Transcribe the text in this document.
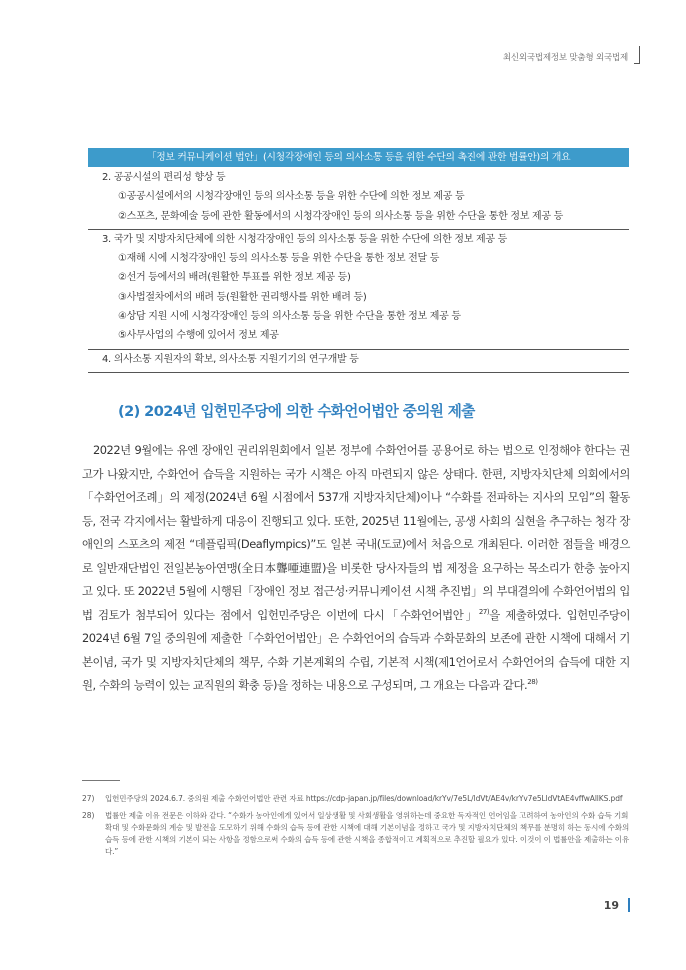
최신외국법제정보 맞춤형 외국법제
「정보 커뮤니케이션 법안」(시청각장애인 등의 의사소통 등을 위한 수단의 촉진에 관한 법률안)의 개요
2. 공공시설의 편리성 향상 등
①공공시설에서의 시청각장애인 등의 의사소통 등을 위한 수단에 의한 정보 제공 등
②스포츠, 문화예술 등에 관한 활동에서의 시청각장애인 등의 의사소통 등을 위한 수단을 통한 정보 제공 등
3. 국가 및 지방자치단체에 의한 시청각장애인 등의 의사소통 등을 위한 수단에 의한 정보 제공 등
①재해 시에 시청각장애인 등의 의사소통 등을 위한 수단을 통한 정보 전달 등
②선거 등에서의 배려(원활한 투표를 위한 정보 제공 등)
③사법절차에서의 배려 등(원활한 권리행사를 위한 배려 등)
④상담 지원 시에 시청각장애인 등의 의사소통 등을 위한 수단을 통한 정보 제공 등
⑤사무사업의 수행에 있어서 정보 제공
4. 의사소통 지원자의 확보, 의사소통 지원기기의 연구개발 등
(2) 2024년 입헌민주당에 의한 수화언어법안 중의원 제출
 2022년 9월에는 유엔 장애인 권리위원회에서 일본 정부에 수화언어를 공용어로 하는 법으로 인정해야 한다는 권고가 나왔지만, 수화언어 습득을 지원하는 국가 시책은 아직 마련되지 않은 상태다. 한편, 지방자치단체 의회에서의「수화언어조례」의 제정(2024년 6월 시점에서 537개 지방자치단체)이나 “수화를 전파하는 지사의 모임”의 활동 등, 전국 각지에서는 활발하게 대응이 진행되고 있다. 또한, 2025년 11월에는, 공생 사회의 실현을 추구하는 청각 장애인의 스포츠의 제전 “데플림픽(Deaflympics)”도 일본 국내(도쿄)에서 처음으로 개최된다. 이러한 점들을 배경으로 일반재단법인 전일본농아연맹(全日本聾唖連盟)을 비롯한 당사자들의 법 제정을 요구하는 목소리가 한층 높아지고 있다. 또 2022년 5월에 시행된「장애인 정보 접근성·커뮤니케이션 시책 추진법」의 부대결의에 수화언어법의 입법 검토가 첨부되어 있다는 점에서 입헌민주당은 이번에 다시「수화언어법안」$^{27)}$을 제출하였다. 입헌민주당이 2024년 6월 7일 중의원에 제출한「수화언어법안」은 수화언어의 습득과 수화문화의 보존에 관한 시책에 대해서 기본이념, 국가 및 지방자치단체의 책무, 수화 기본계획의 수립, 기본적 시책(제1언어로서 수화언어의 습득에 대한 지원, 수화의 능력이 있는 교직원의 확충 등)을 정하는 내용으로 구성되며, 그 개요는 다음과 같다.$^{28)}$
27)	입헌민주당의 2024.6.7. 중의원 제출 수화언어법안 관련 자료 https://cdp-japan.jp/files/download/krYv/7e5L/ldVt/AE4v/krYv7e5LldVtAE4vffwAllKS.pdf
28)	법률안 제출 이유 전문은 이하와 같다. “수화가 농아인에게 있어서 일상생활 및 사회생활을 영위하는데 중요한 독자적인 언어임을 고려하여 농아인의 수화 습득 기회 확대 및 수화문화의 계승 및 발전을 도모하기 위해 수화의 습득 등에 관한 시책에 대해 기본이념을 정하고 국가 및 지방자치단체의 책무를 분명히 하는 동시에 수화의 습득 등에 관한 시책의 기본이 되는 사항을 정함으로써 수화의 습득 등에 관한 시책을 종합적이고 계획적으로 추진할 필요가 있다. 이것이 이 법률안을 제출하는 이유다.”
19
